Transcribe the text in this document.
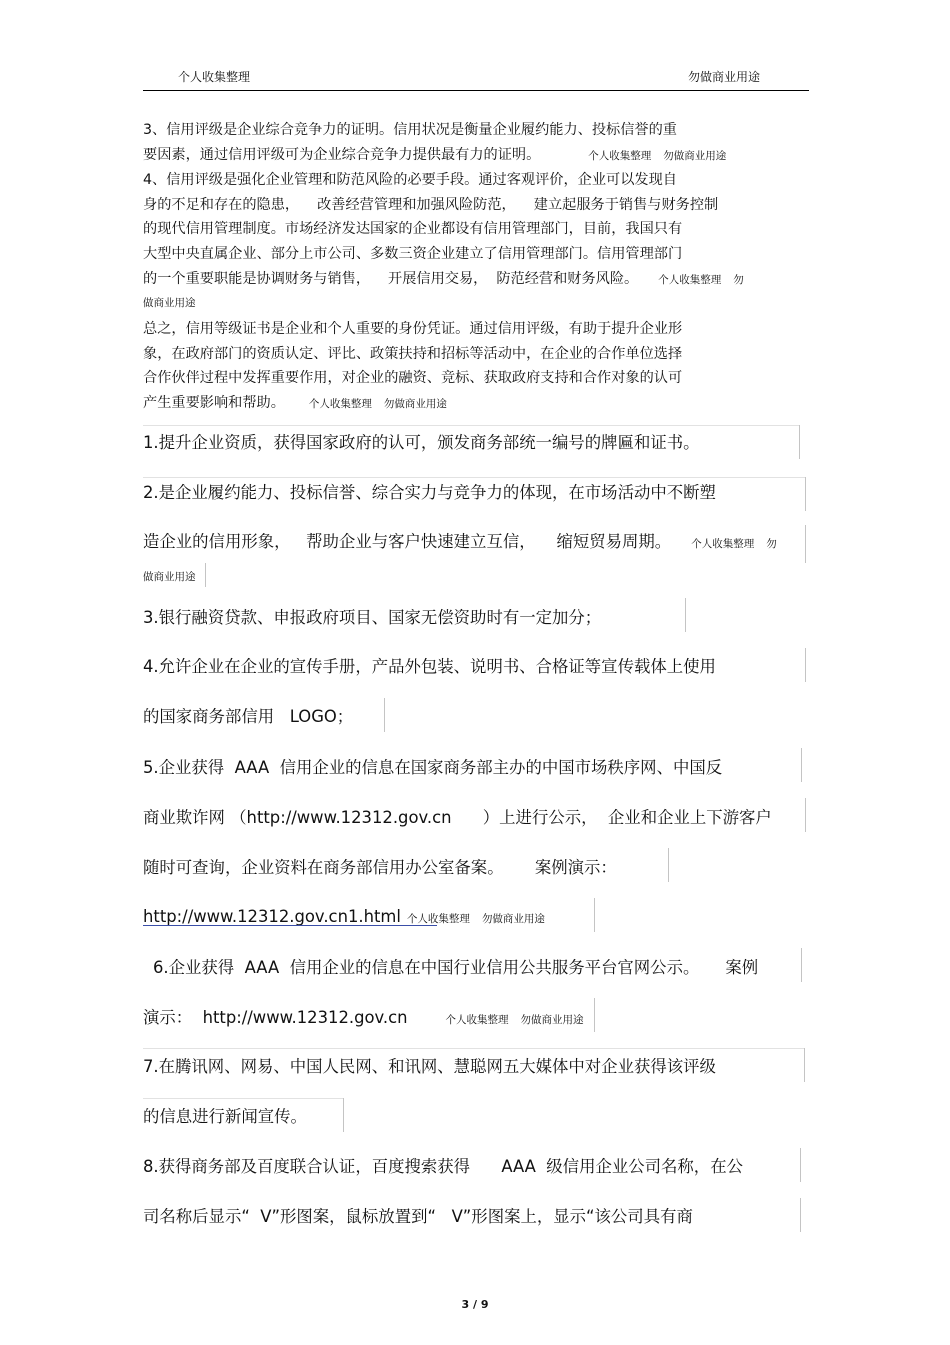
个人收集整理	勿做商业用途
3、信用评级是企业综合竞争力的证明。信用状况是衡量企业履约能力、投标信誉的重
要因素，通过信用评级可为企业综合竞争力提供最有力的证明。	个人收集整理 勿做商业用途
4、信用评级是强化企业管理和防范风险的必要手段。通过客观评价，企业可以发现自
身的不足和存在的隐患，    改善经营管理和加强风险防范，    建立起服务于销售与财务控制
的现代信用管理制度。市场经济发达国家的企业都设有信用管理部门，目前，我国只有
大型中央直属企业、部分上市公司、多数三资企业建立了信用管理部门。信用管理部门
的一个重要职能是协调财务与销售，    开展信用交易，  防范经营和财务风险。 个人收集整理 勿
做商业用途
总之，信用等级证书是企业和个人重要的身份凭证。通过信用评级，有助于提升企业形
象，在政府部门的资质认定、评比、政策扶持和招标等活动中，在企业的合作单位选择
合作伙伴过程中发挥重要作用，对企业的融资、竞标、获取政府支持和合作对象的认可
产生重要影响和帮助。 个人收集整理 勿做商业用途
1.提升企业资质，获得国家政府的认可，颁发商务部统一编号的牌匾和证书。
2.是企业履约能力、投标信誉、综合实力与竞争力的体现，在市场活动中不断塑
造企业的信用形象，   帮助企业与客户快速建立互信，    缩短贸易周期。 个人收集整理 勿
做商业用途
3.银行融资贷款、申报政府项目、国家无偿资助时有一定加分；
4.允许企业在企业的宣传手册，产品外包装、说明书、合格证等宣传载体上使用
的国家商务部信用   LOGO；
5.企业获得  AAA  信用企业的信息在国家商务部主办的中国市场秩序网、中国反
商业欺诈网 （http://www.12312.gov.cn      ）上进行公示，  企业和企业上下游客户
随时可查询，企业资料在商务部信用办公室备案。      案例演示：
http://www.12312.gov.cn1.html 个人收集整理 勿做商业用途
6.企业获得  AAA  信用企业的信息在中国行业信用公共服务平台官网公示。     案例
演示：  http://www.12312.gov.cn	个人收集整理 勿做商业用途
7.在腾讯网、网易、中国人民网、和讯网、慧聪网五大媒体中对企业获得该评级
的信息进行新闻宣传。
8.获得商务部及百度联合认证，百度搜索获得      AAA  级信用企业公司名称，在公
司名称后显示“  V”形图案，鼠标放置到“   V”形图案上，显示“该公司具有商
3 / 9
